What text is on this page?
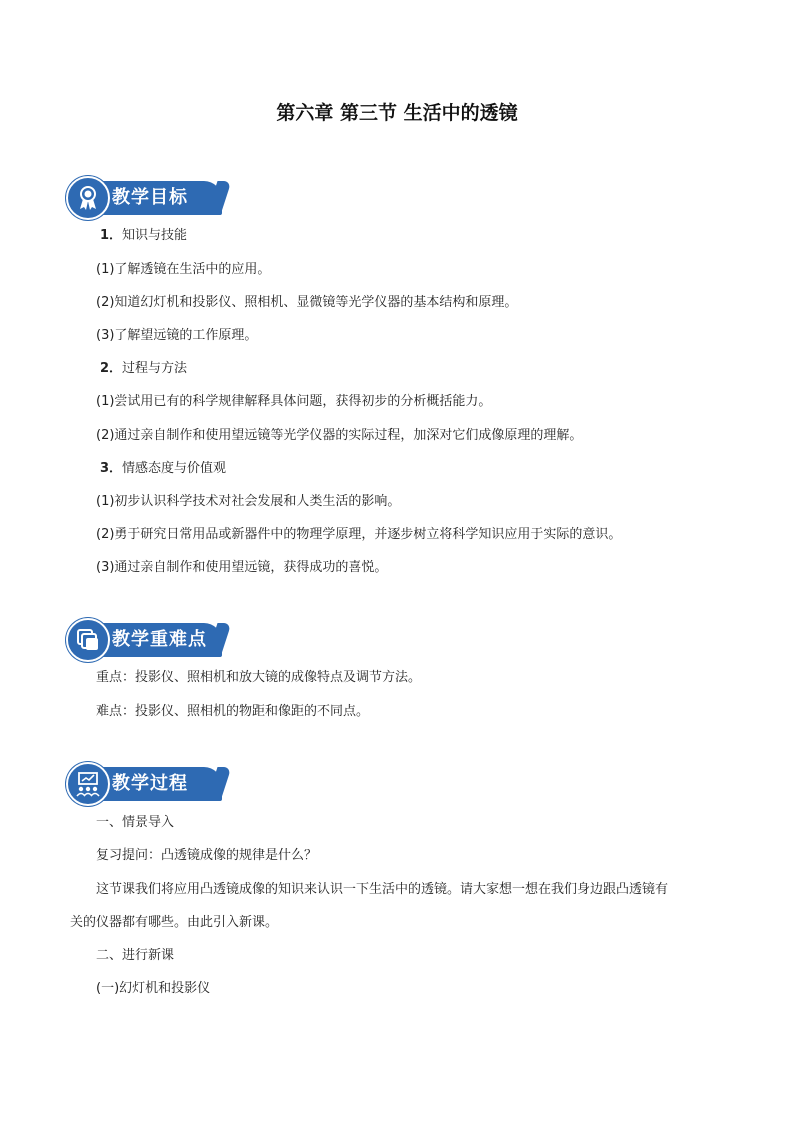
第六章 第三节 生活中的透镜
教学目标
1．知识与技能
(1)了解透镜在生活中的应用。
(2)知道幻灯机和投影仪、照相机、显微镜等光学仪器的基本结构和原理。
(3)了解望远镜的工作原理。
2．过程与方法
(1)尝试用已有的科学规律解释具体问题，获得初步的分析概括能力。
(2)通过亲自制作和使用望远镜等光学仪器的实际过程，加深对它们成像原理的理解。
3．情感态度与价值观
(1)初步认识科学技术对社会发展和人类生活的影响。
(2)勇于研究日常用品或新器件中的物理学原理，并逐步树立将科学知识应用于实际的意识。
(3)通过亲自制作和使用望远镜，获得成功的喜悦。
教学重难点
重点：投影仪、照相机和放大镜的成像特点及调节方法。
难点：投影仪、照相机的物距和像距的不同点。
教学过程
一、情景导入
复习提问：凸透镜成像的规律是什么？
这节课我们将应用凸透镜成像的知识来认识一下生活中的透镜。请大家想一想在我们身边跟凸透镜有
关的仪器都有哪些。由此引入新课。
二、进行新课
(一)幻灯机和投影仪
